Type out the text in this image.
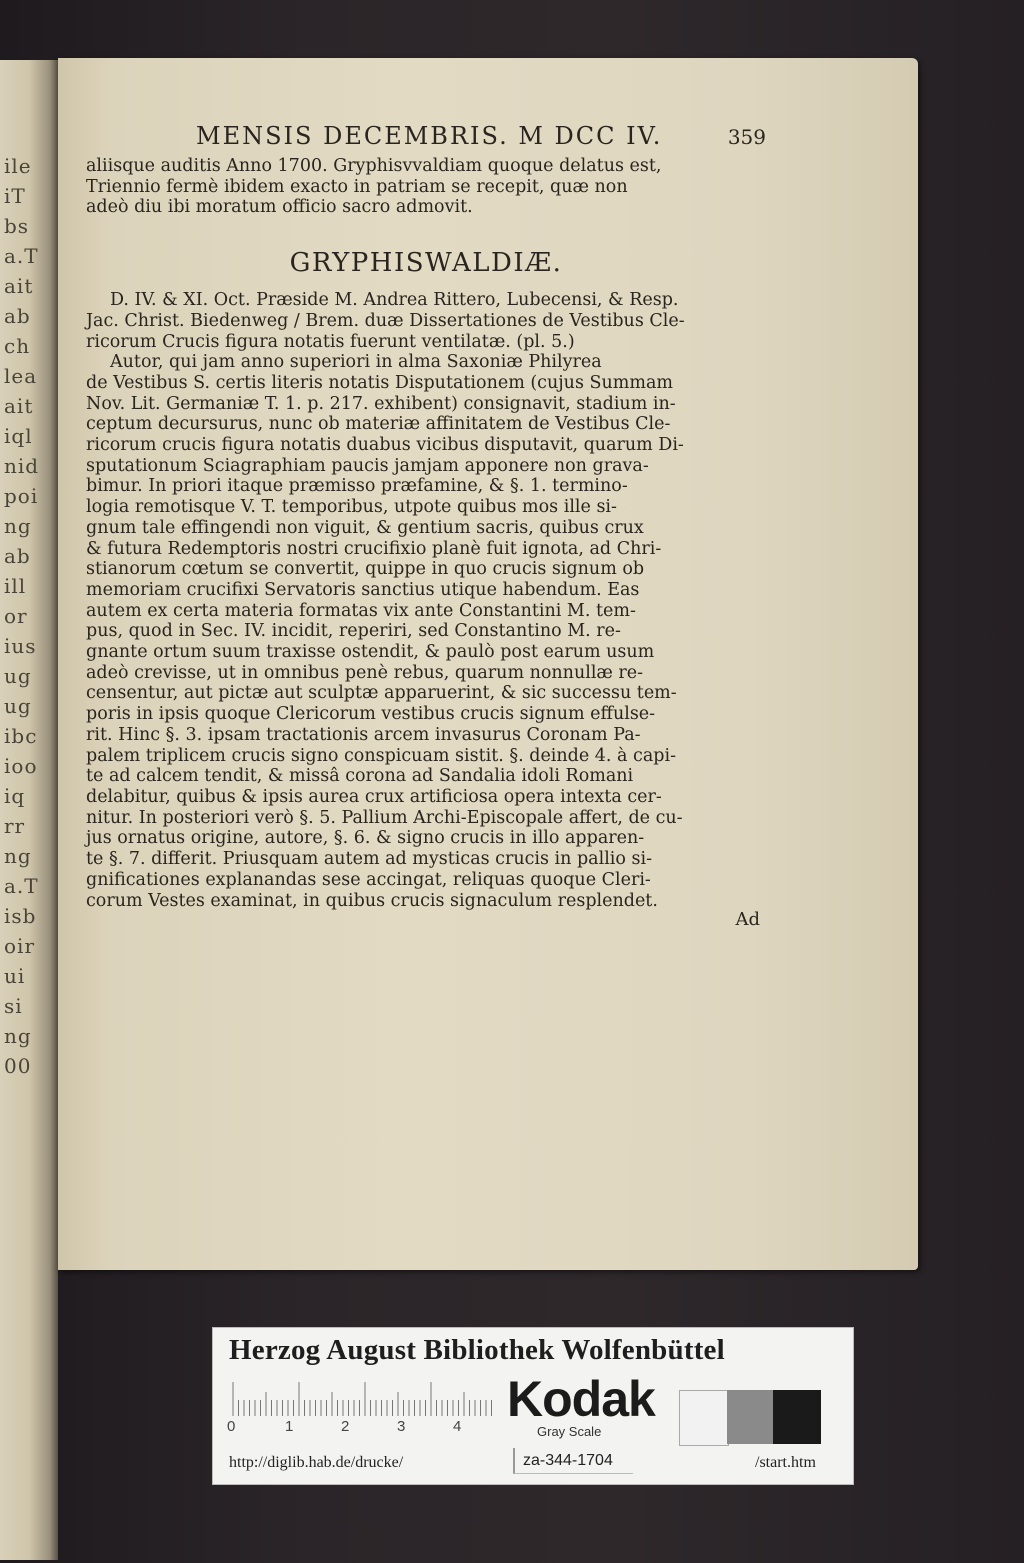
ile
iT
bs
a.T
ait
ab
ch
lea
ait
iql
nid
poi
ng
ab
ill
or
ius
ug
ug
ibc
ioo
iq
rr
ng
a.T
isb
oir
ui
si
ng
00
MENSIS DECEMBRIS. M DCC IV.	359
aliisque auditis Anno 1700. Gryphisvvaldiam quoque delatus est,
Triennio fermè ibidem exacto in patriam se recepit, quæ non
adeò diu ibi moratum officio sacro admovit.
GRYPHISWALDIÆ.
D. IV. & XI. Oct. Præside M. Andrea Rittero, Lubecensi, & Resp.
Jac. Christ. Biedenweg / Brem. duæ Dissertationes de Vestibus Cle-
ricorum Crucis figura notatis fuerunt ventilatæ. (pl. 5.)
Autor, qui jam anno superiori in alma Saxoniæ Philyrea
de Vestibus S. certis literis notatis Disputationem (cujus Summam
Nov. Lit. Germaniæ T. 1. p. 217. exhibent) consignavit, stadium in-
ceptum decursurus, nunc ob materiæ affinitatem de Vestibus Cle-
ricorum crucis figura notatis duabus vicibus disputavit, quarum Di-
sputationum Sciagraphiam paucis jamjam apponere non grava-
bimur. In priori itaque præmisso præfamine, & §. 1. termino-
logia remotisque V. T. temporibus, utpote quibus mos ille si-
gnum tale effingendi non viguit, & gentium sacris, quibus crux
& futura Redemptoris nostri crucifixio planè fuit ignota, ad Chri-
stianorum cœtum se convertit, quippe in quo crucis signum ob
memoriam crucifixi Servatoris sanctius utique habendum. Eas
autem ex certa materia formatas vix ante Constantini M. tem-
pus, quod in Sec. IV. incidit, reperiri, sed Constantino M. re-
gnante ortum suum traxisse ostendit, & paulò post earum usum
adeò crevisse, ut in omnibus penè rebus, quarum nonnullæ re-
censentur, aut pictæ aut sculptæ apparuerint, & sic successu tem-
poris in ipsis quoque Clericorum vestibus crucis signum effulse-
rit. Hinc §. 3. ipsam tractationis arcem invasurus Coronam Pa-
palem triplicem crucis signo conspicuam sistit. §. deinde 4. à capi-
te ad calcem tendit, & missâ corona ad Sandalia idoli Romani
delabitur, quibus & ipsis aurea crux artificiosa opera intexta cer-
nitur. In posteriori verò §. 5. Pallium Archi-Episcopale affert, de cu-
jus ornatus origine, autore, §. 6. & signo crucis in illo apparen-
te §. 7. differit. Priusquam autem ad mysticas crucis in pallio si-
gnificationes explanandas sese accingat, reliquas quoque Cleri-
corum Vestes examinat, in quibus crucis signaculum resplendet.
Ad
Herzog August Bibliothek Wolfenbüttel
0	1	2	3	4 Kodak
Gray Scale
http://diglib.hab.de/drucke/	za-344-1704	/start.htm
